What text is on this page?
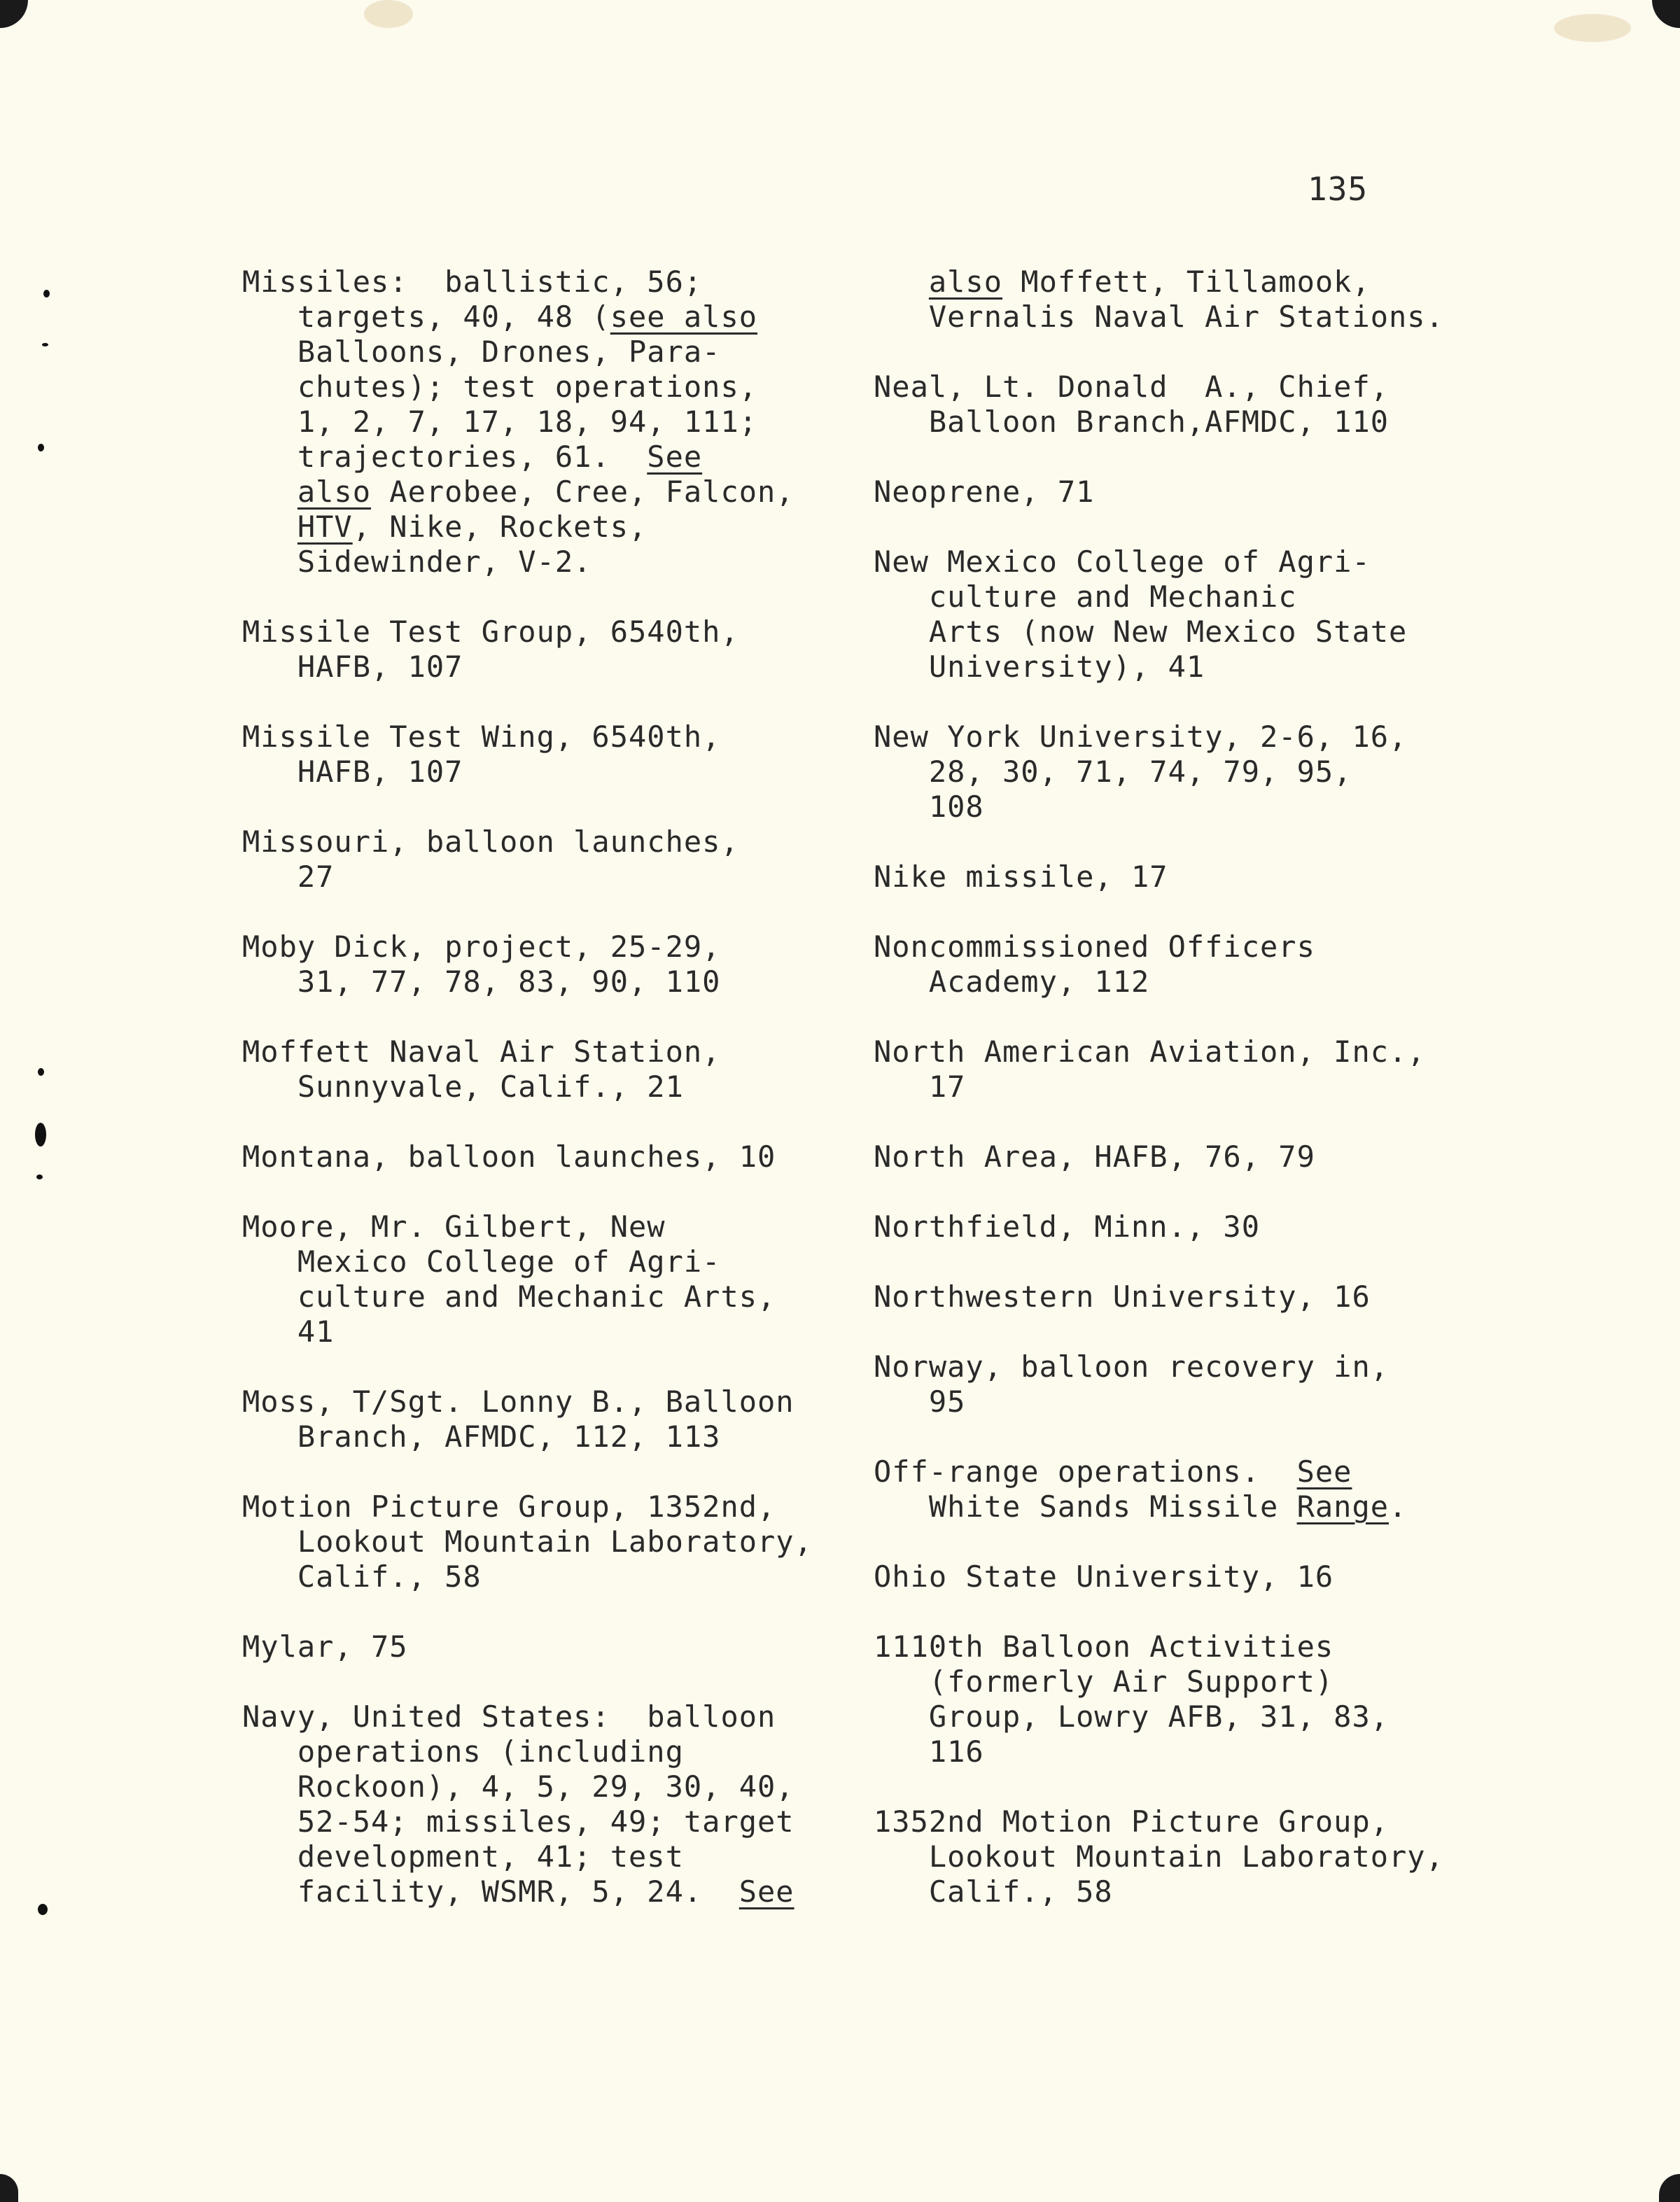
135
Missiles:  ballistic, 56;
targets, 40, 48 (see also
Balloons, Drones, Para-
chutes); test operations,
1, 2, 7, 17, 18, 94, 111;
trajectories, 61.  See
also Aerobee, Cree, Falcon,
HTV, Nike, Rockets,
Sidewinder, V-2.
Missile Test Group, 6540th,
HAFB, 107
Missile Test Wing, 6540th,
HAFB, 107
Missouri, balloon launches,
27
Moby Dick, project, 25-29,
31, 77, 78, 83, 90, 110
Moffett Naval Air Station,
Sunnyvale, Calif., 21
Montana, balloon launches, 10
Moore, Mr. Gilbert, New
Mexico College of Agri-
culture and Mechanic Arts,
41
Moss, T/Sgt. Lonny B., Balloon
Branch, AFMDC, 112, 113
Motion Picture Group, 1352nd,
Lookout Mountain Laboratory,
Calif., 58
Mylar, 75
Navy, United States:  balloon
operations (including
Rockoon), 4, 5, 29, 30, 40,
52-54; missiles, 49; target
development, 41; test
facility, WSMR, 5, 24.  See
also Moffett, Tillamook,
Vernalis Naval Air Stations.
Neal, Lt. Donald  A., Chief,
Balloon Branch,AFMDC, 110
Neoprene, 71
New Mexico College of Agri-
culture and Mechanic
Arts (now New Mexico State
University), 41
New York University, 2-6, 16,
28, 30, 71, 74, 79, 95,
108
Nike missile, 17
Noncommissioned Officers
Academy, 112
North American Aviation, Inc.,
17
North Area, HAFB, 76, 79
Northfield, Minn., 30
Northwestern University, 16
Norway, balloon recovery in,
95
Off-range operations.  See
White Sands Missile Range.
Ohio State University, 16
1110th Balloon Activities
(formerly Air Support)
Group, Lowry AFB, 31, 83,
116
1352nd Motion Picture Group,
Lookout Mountain Laboratory,
Calif., 58
